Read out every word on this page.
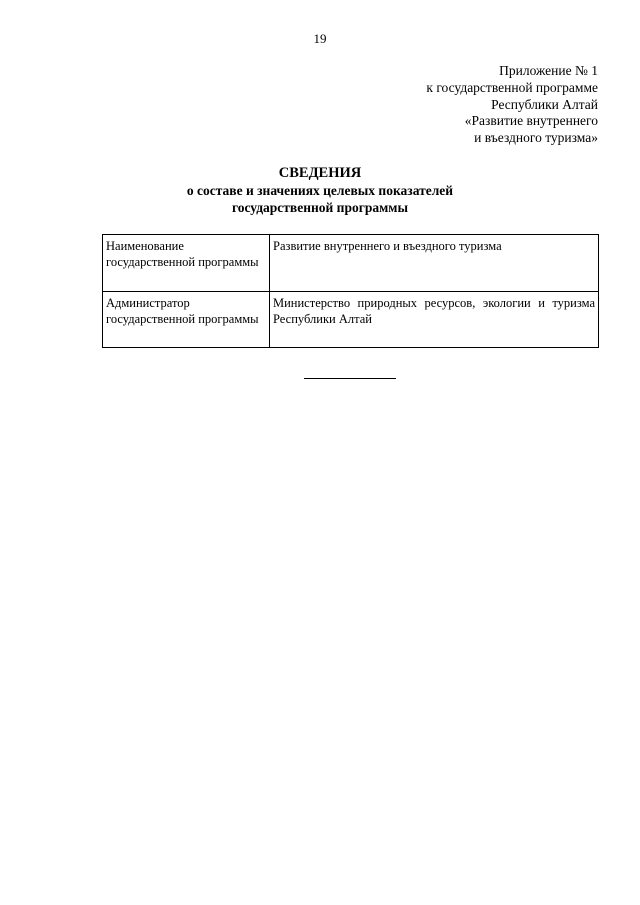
19
Приложение № 1
к государственной программе
Республики Алтай
«Развитие внутреннего
и въездного туризма»
СВЕДЕНИЯ
о составе и значениях целевых показателей
государственной программы
Наименование государственной программы	Развитие внутреннего и въездного туризма
Администратор государственной программы	Министерство природных ресурсов, экологии и туризма Республики Алтай
